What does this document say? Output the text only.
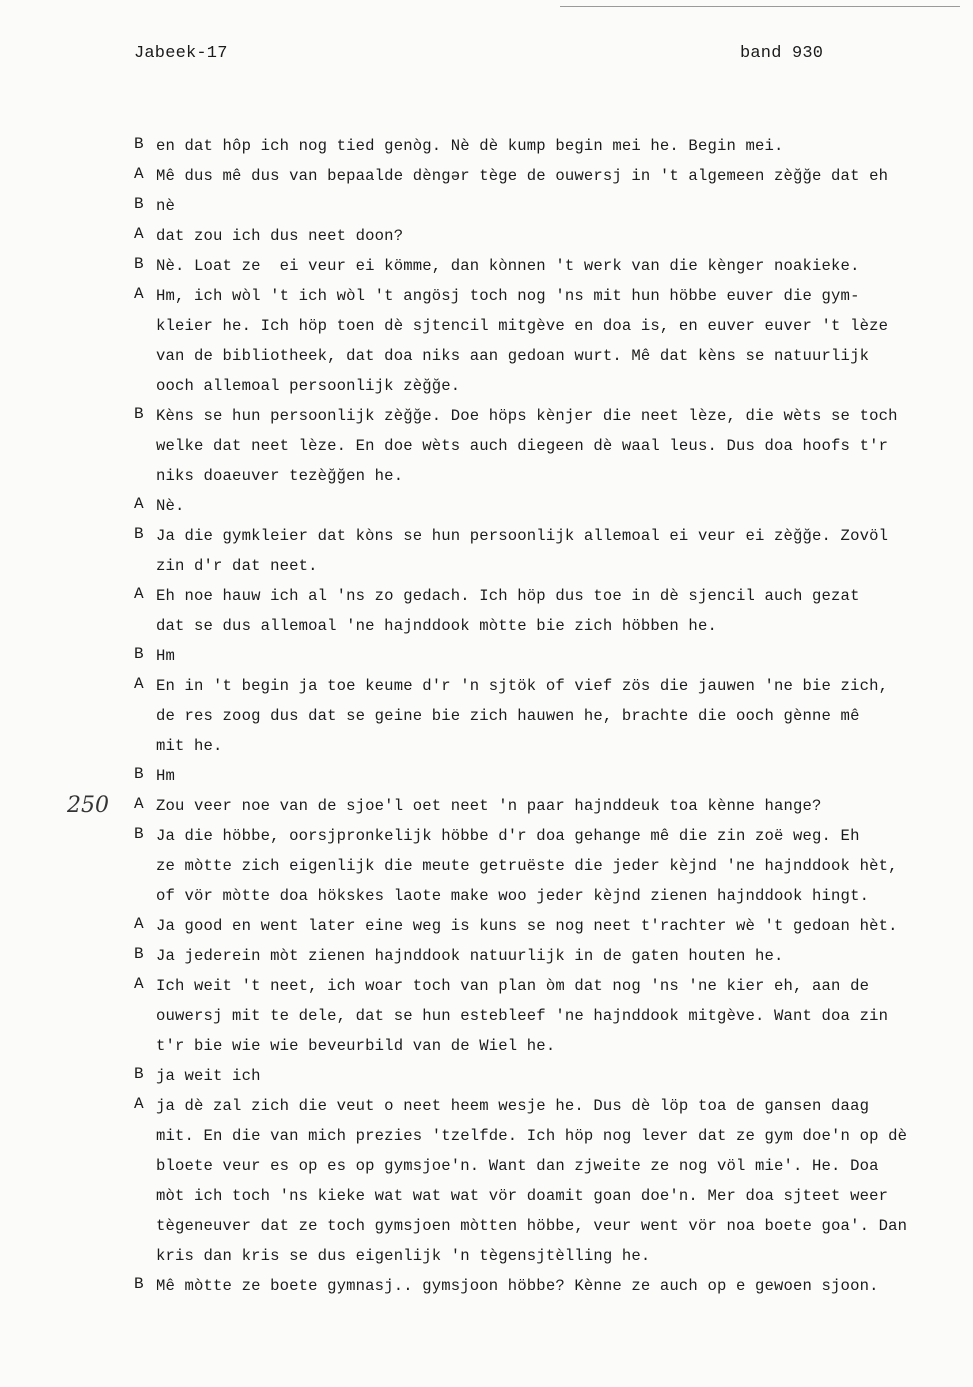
Jabeek-17	band 930
250
B en dat hôp ich nog tied genòg. Nè dè kump begin mei he. Begin mei.
A Mê dus mê dus van bepaalde dèngər tège de ouwersj in 't algemeen zèğğe dat eh
B nè
A dat zou ich dus neet doon?
B Nè. Loat ze  ei veur ei kömme, dan kònnen 't werk van die kènger noakieke.
A Hm, ich wòl 't ich wòl 't angösj toch nog 'ns mit hun höbbe euver die gym-
kleier he. Ich höp toen dè sjtencil mitgève en doa is, en euver euver 't lèze
van de bibliotheek, dat doa niks aan gedoan wurt. Mê dat kèns se natuurlijk
ooch allemoal persoonlijk zèğğe.
B Kèns se hun persoonlijk zèğğe. Doe höps kènjer die neet lèze, die wèts se toch
welke dat neet lèze. En doe wèts auch diegeen dè waal leus. Dus doa hoofs t'r
niks doaeuver tezèğğen he.
A Nè.
B Ja die gymkleier dat kòns se hun persoonlijk allemoal ei veur ei zèğğe. Zovöl
zin d'r dat neet.
A Eh noe hauw ich al 'ns zo gedach. Ich höp dus toe in dè sjencil auch gezat
dat se dus allemoal 'ne hajnddook mòtte bie zich höbben he.
B Hm
A En in 't begin ja toe keume d'r 'n sjtök of vief zös die jauwen 'ne bie zich,
de res zoog dus dat se geine bie zich hauwen he, brachte die ooch gènne mê
mit he.
B Hm
A Zou veer noe van de sjoe'l oet neet 'n paar hajnddeuk toa kènne hange?
B Ja die höbbe, oorsjpronkelijk höbbe d'r doa gehange mê die zin zoë weg. Eh
ze mòtte zich eigenlijk die meute getruëste die jeder kèjnd 'ne hajnddook hèt,
of vör mòtte doa hökskes laote make woo jeder kèjnd zienen hajnddook hingt.
A Ja good en went later eine weg is kuns se nog neet t'rachter wè 't gedoan hèt.
B Ja jederein mòt zienen hajnddook natuurlijk in de gaten houten he.
A Ich weit 't neet, ich woar toch van plan òm dat nog 'ns 'ne kier eh, aan de
ouwersj mit te dele, dat se hun estebleef 'ne hajnddook mitgève. Want doa zin
t'r bie wie wie beveurbild van de Wiel he.
B ja weit ich
A ja dè zal zich die veut o neet heem wesje he. Dus dè löp toa de gansen daag
mit. En die van mich prezies 'tzelfde. Ich höp nog lever dat ze gym doe'n op dè
bloete veur es op es op gymsjoe'n. Want dan zjweite ze nog völ mie'. He. Doa
mòt ich toch 'ns kieke wat wat wat vör doamit goan doe'n. Mer doa sjteet weer
tègeneuver dat ze toch gymsjoen mòtten höbbe, veur went vör noa boete goa'. Dan
kris dan kris se dus eigenlijk 'n tègensjtèlling he.
B Mê mòtte ze boete gymnasj.. gymsjoon höbbe? Kènne ze auch op e gewoen sjoon.
